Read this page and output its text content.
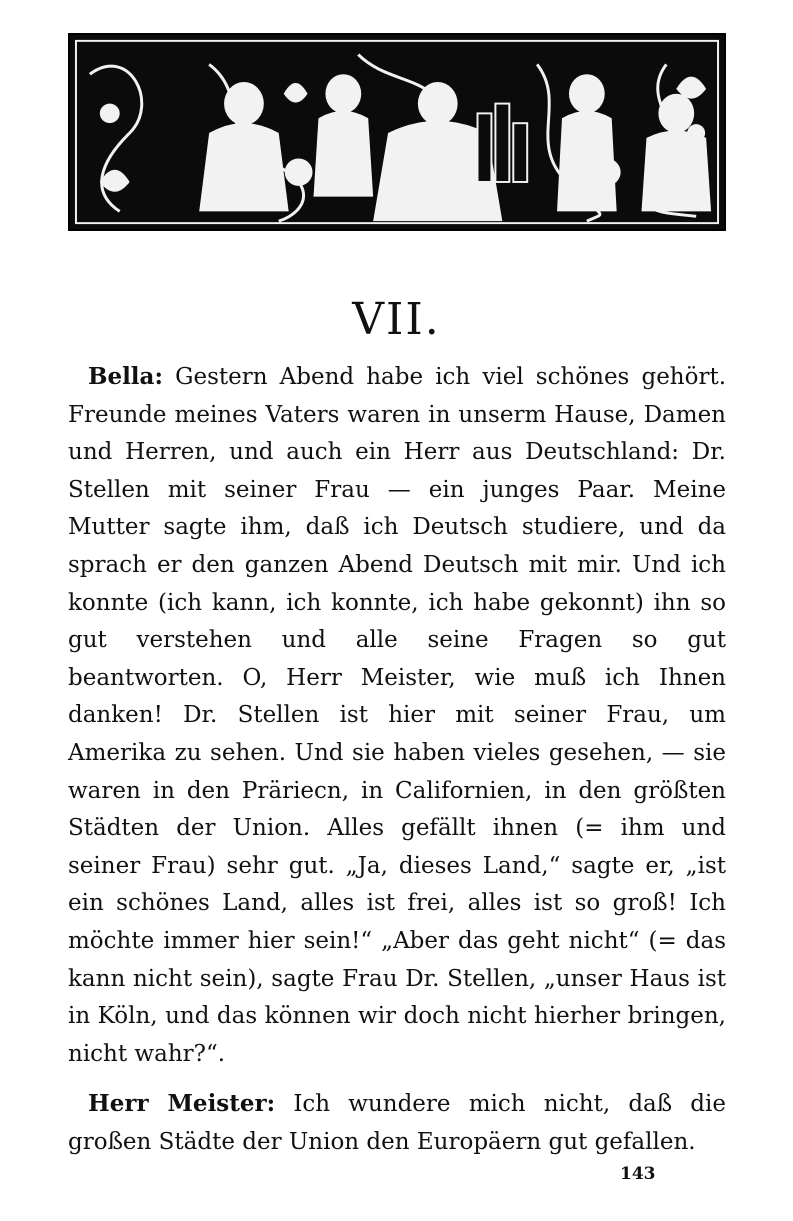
VII.

Bella: Gestern Abend habe ich viel schönes gehört. Freunde meines Vaters waren in unserm Hause, Damen und Herren, und auch ein Herr aus Deutschland: Dr. Stellen mit seiner Frau — ein junges Paar. Meine Mutter sagte ihm, daß ich Deutsch studiere, und da sprach er den ganzen Abend Deutsch mit mir. Und ich konnte (ich kann, ich konnte, ich habe gekonnt) ihn so gut verstehen und alle seine Fragen so gut beantworten. O, Herr Meister, wie muß ich Ihnen danken! Dr. Stellen ist hier mit seiner Frau, um Amerika zu sehen. Und sie haben vieles gesehen, — sie waren in den Präriecn, in Californien, in den größten Städten der Union. Alles gefällt ihnen (= ihm und seiner Frau) sehr gut. „Ja, dieses Land,“ sagte er, „ist ein schönes Land, alles ist frei, alles ist so groß! Ich möchte immer hier sein!“ „Aber das geht nicht“ (= das kann nicht sein), sagte Frau Dr. Stellen, „unser Haus ist in Köln, und das können wir doch nicht hierher bringen, nicht wahr?“.

Herr Meister: Ich wundere mich nicht, daß die großen Städte der Union den Europäern gut gefallen.

143
